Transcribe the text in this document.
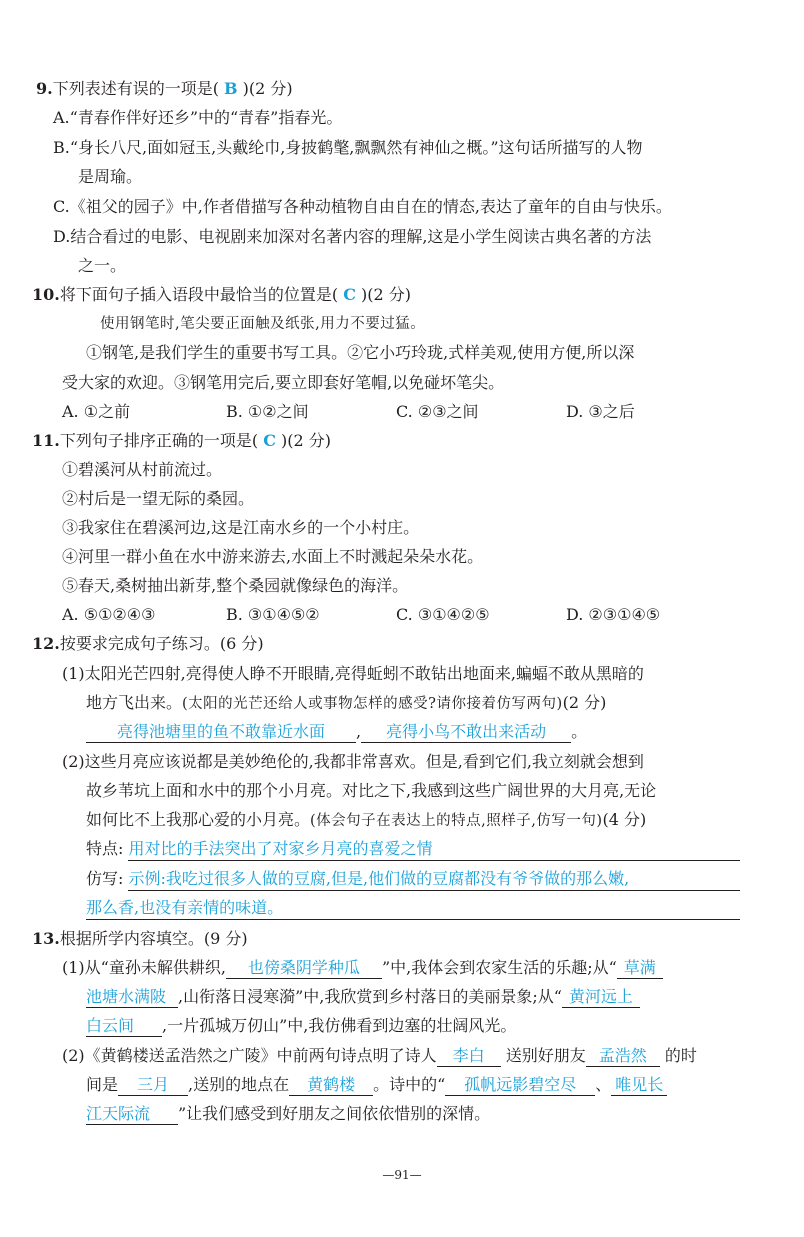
9.下列表述有误的一项是( B )(2 分)
A.“青春作伴好还乡”中的“青春”指春光。
B.“身长八尺,面如冠玉,头戴纶巾,身披鹤氅,飘飘然有神仙之概。”这句话所描写的人物
是周瑜。
C.《祖父的园子》中,作者借描写各种动植物自由自在的情态,表达了童年的自由与快乐。
D.结合看过的电影、电视剧来加深对名著内容的理解,这是小学生阅读古典名著的方法
之一。
10.将下面句子插入语段中最恰当的位置是( C )(2 分)
使用钢笔时,笔尖要正面触及纸张,用力不要过猛。
①钢笔,是我们学生的重要书写工具。②它小巧玲珑,式样美观,使用方便,所以深
受大家的欢迎。③钢笔用完后,要立即套好笔帽,以免碰坏笔尖。
A. ①之前	B. ①②之间	C. ②③之间	D. ③之后
11.下列句子排序正确的一项是( C )(2 分)
①碧溪河从村前流过。
②村后是一望无际的桑园。
③我家住在碧溪河边,这是江南水乡的一个小村庄。
④河里一群小鱼在水中游来游去,水面上不时溅起朵朵水花。
⑤春天,桑树抽出新芽,整个桑园就像绿色的海洋。
A. ⑤①②④③	B. ③①④⑤②	C. ③①④②⑤	D. ②③①④⑤
12.按要求完成句子练习。(6 分)
(1)太阳光芒四射,亮得使人睁不开眼睛,亮得蚯蚓不敢钻出地面来,蝙蝠不敢从黑暗的
地方飞出来。(太阳的光芒还给人或事物怎样的感受?请你接着仿写两句)(2 分)
亮得池塘里的鱼不敢靠近水面 , 亮得小鸟不敢出来活动 。
(2)这些月亮应该说都是美妙绝伦的,我都非常喜欢。但是,看到它们,我立刻就会想到
故乡苇坑上面和水中的那个小月亮。对比之下,我感到这些广阔世界的大月亮,无论
如何比不上我那心爱的小月亮。(体会句子在表达上的特点,照样子,仿写一句)(4 分)
特点: 用对比的手法突出了对家乡月亮的喜爱之情
仿写: 示例:我吃过很多人做的豆腐,但是,他们做的豆腐都没有爷爷做的那么嫩,
那么香,也没有亲情的味道。
13.根据所学内容填空。(9 分)
(1)从“童孙未解供耕织, 也傍桑阴学种瓜 ”中,我体会到农家生活的乐趣;从“ 草满
池塘水满陂 ,山衔落日浸寒漪”中,我欣赏到乡村落日的美丽景象;从“ 黄河远上
白云间 ,一片孤城万仞山”中,我仿佛看到边塞的壮阔风光。
(2)《黄鹤楼送孟浩然之广陵》中前两句诗点明了诗人 李白 送别好朋友 孟浩然 的时
间是 三月 ,送别的地点在 黄鹤楼 。诗中的“ 孤帆远影碧空尽 、 唯见长
江天际流 ”让我们感受到好朋友之间依依惜别的深情。
—91—
